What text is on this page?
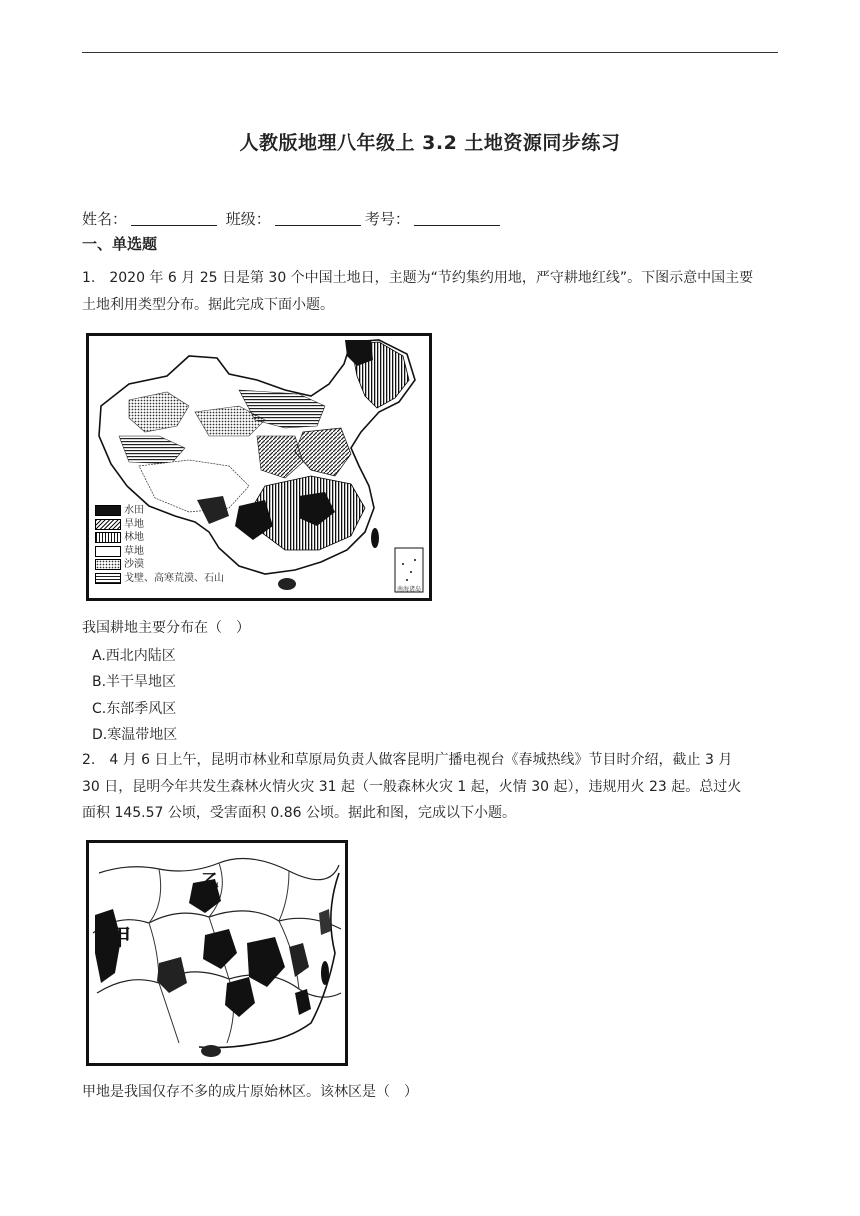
人教版地理八年级上 3.2 土地资源同步练习
姓名：	班级：	考号：
一、单选题
1.　2020 年 6 月 25 日是第 30 个中国土地日，主题为“节约集约用地，严守耕地红线”。下图示意中国主要
土地利用类型分布。据此完成下面小题。
水田
旱地
林地
草地
沙漠
戈壁、高寒荒漠、石山
南海诸岛
我国耕地主要分布在（　）
A.西北内陆区
B.半干旱地区
C.东部季风区
D.寒温带地区
2.　4 月 6 日上午，昆明市林业和草原局负责人做客昆明广播电视台《春城热线》节目时介绍，截止 3 月
30 日，昆明今年共发生森林火情火灾 31 起（一般森林火灾 1 起，火情 30 起），违规用火 23 起。总过火
面积 145.57 公顷，受害面积 0.86 公顷。据此和图，完成以下小题。
甲
乙
甲地是我国仅存不多的成片原始林区。该林区是（　）
